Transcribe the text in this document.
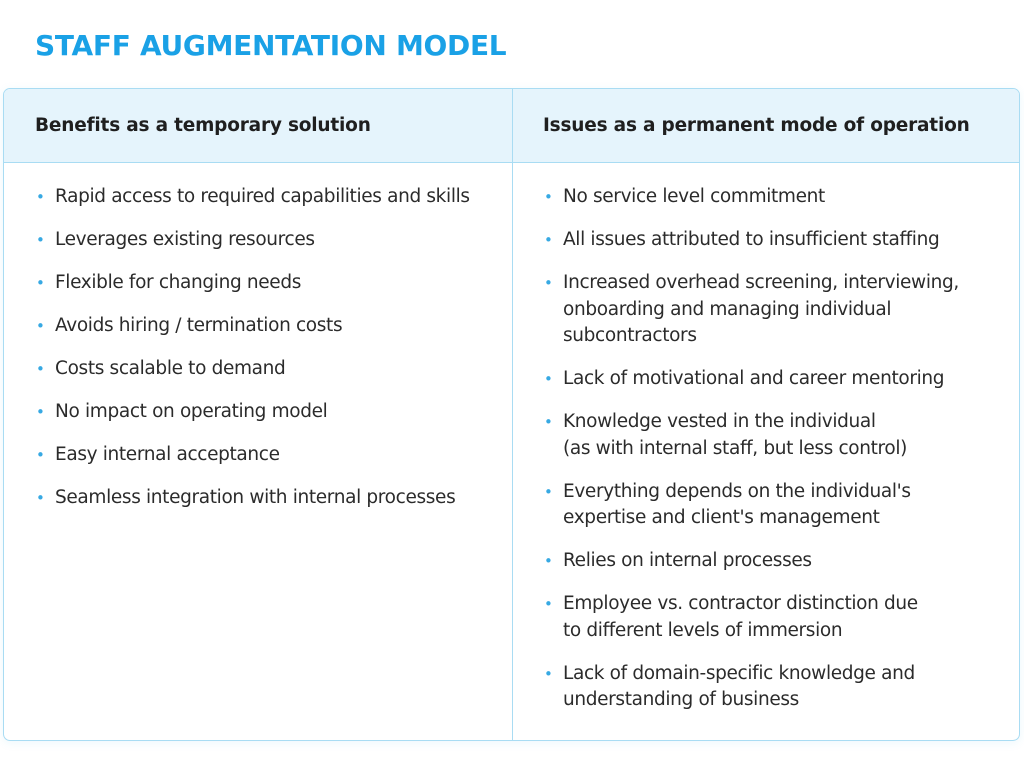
STAFF AUGMENTATION MODEL
Benefits as a temporary solution
• Rapid access to required capabilities and skills
• Leverages existing resources
• Flexible for changing needs
• Avoids hiring / termination costs
• Costs scalable to demand
• No impact on operating model
• Easy internal acceptance
• Seamless integration with internal processes
Issues as a permanent mode of operation
• No service level commitment
• All issues attributed to insufficient staffing
• Increased overhead screening, interviewing,
onboarding and managing individual
subcontractors
• Lack of motivational and career mentoring
• Knowledge vested in the individual
(as with internal staff, but less control)
• Everything depends on the individual's
expertise and client's management
• Relies on internal processes
• Employee vs. contractor distinction due
to different levels of immersion
• Lack of domain-specific knowledge and
understanding of business
